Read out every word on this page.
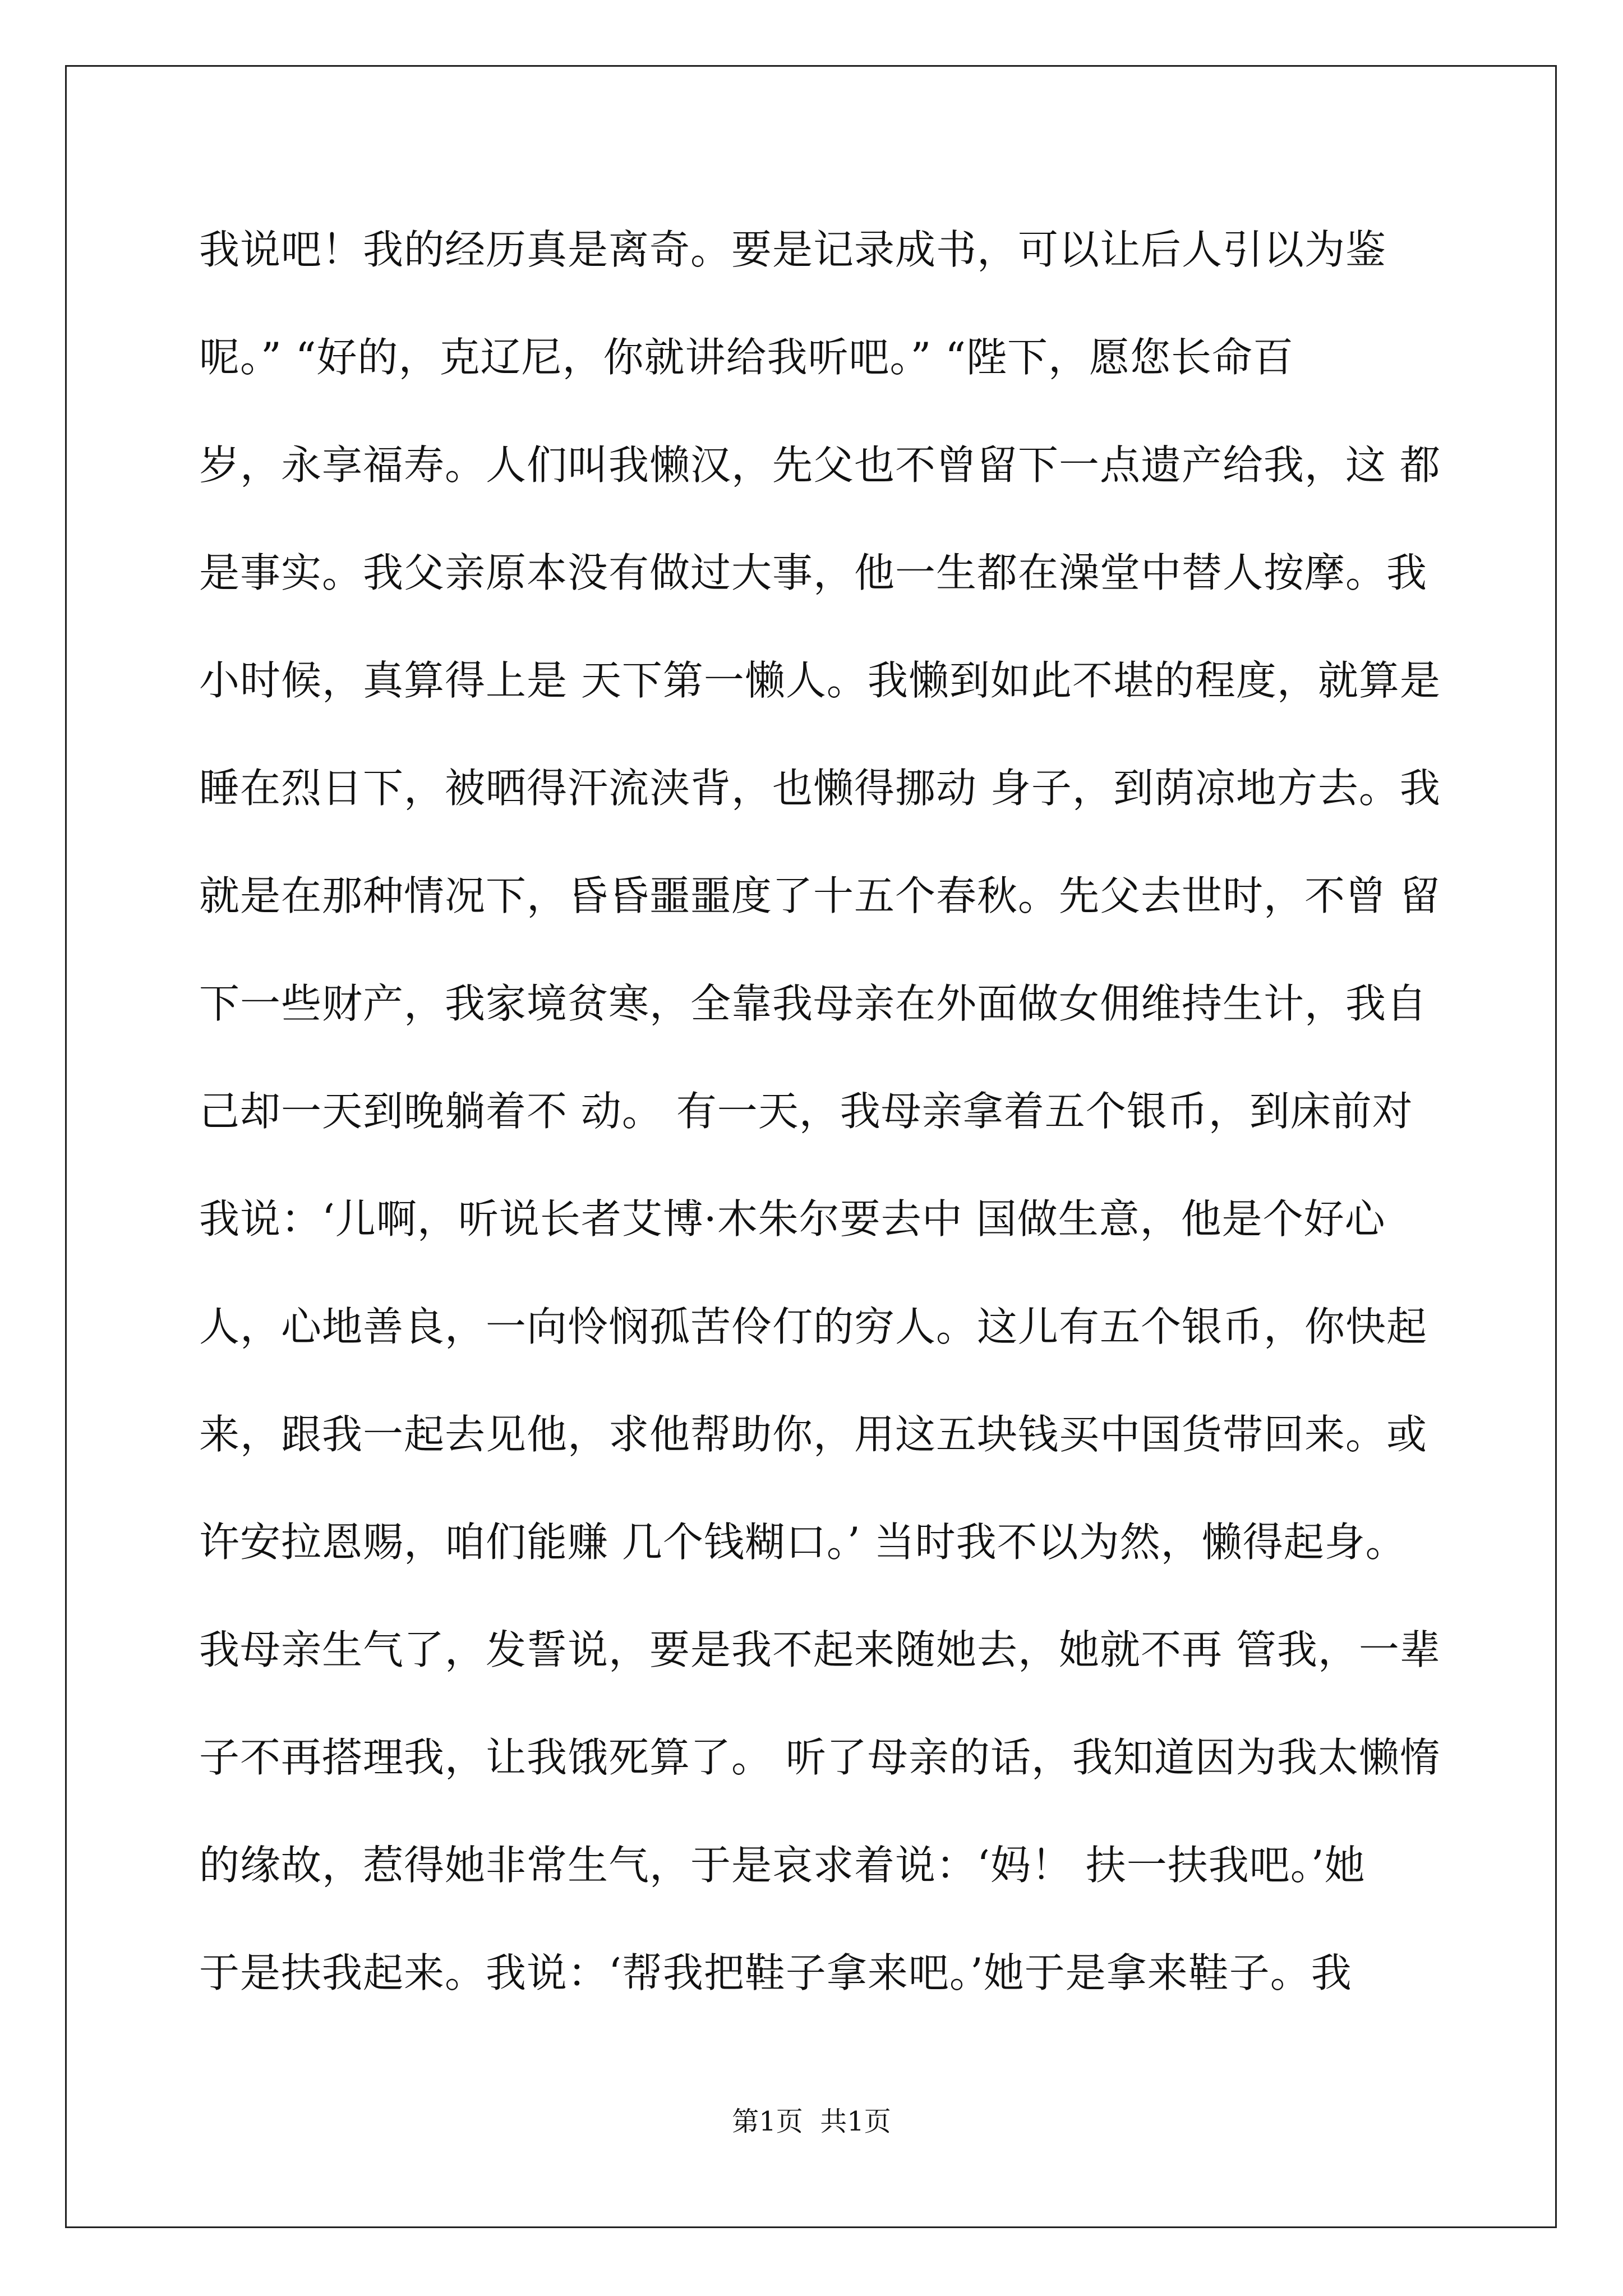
我说吧！我的经历真是离奇。要是记录成书，可以让后人引以为鉴
呢。” “好的，克辽尼，你就讲给我听吧。” “陛下，愿您长命百
岁，永享福寿。人们叫我懒汉，先父也不曾留下一点遗产给我，这 都
是事实。我父亲原本没有做过大事，他一生都在澡堂中替人按摩。我
小时候，真算得上是 天下第一懒人。我懒到如此不堪的程度，就算是
睡在烈日下，被晒得汗流浃背，也懒得挪动 身子，到荫凉地方去。我
就是在那种情况下，昏昏噩噩度了十五个春秋。先父去世时，不曾 留
下一些财产，我家境贫寒，全靠我母亲在外面做女佣维持生计，我自
己却一天到晚躺着不 动。 有一天，我母亲拿着五个银币，到床前对
我说：‘儿啊，听说长者艾博·木朱尔要去中 国做生意，他是个好心
人，心地善良，一向怜悯孤苦伶仃的穷人。这儿有五个银币，你快起
来，跟我一起去见他，求他帮助你，用这五块钱买中国货带回来。或
许安拉恩赐，咱们能赚 几个钱糊口。’ 当时我不以为然，懒得起身。
我母亲生气了，发誓说，要是我不起来随她去，她就不再 管我，一辈
子不再搭理我，让我饿死算了。 听了母亲的话，我知道因为我太懒惰
的缘故，惹得她非常生气，于是哀求着说：‘妈！ 扶一扶我吧。’她
于是扶我起来。我说：‘帮我把鞋子拿来吧。’她于是拿来鞋子。我
第1页  共1页
